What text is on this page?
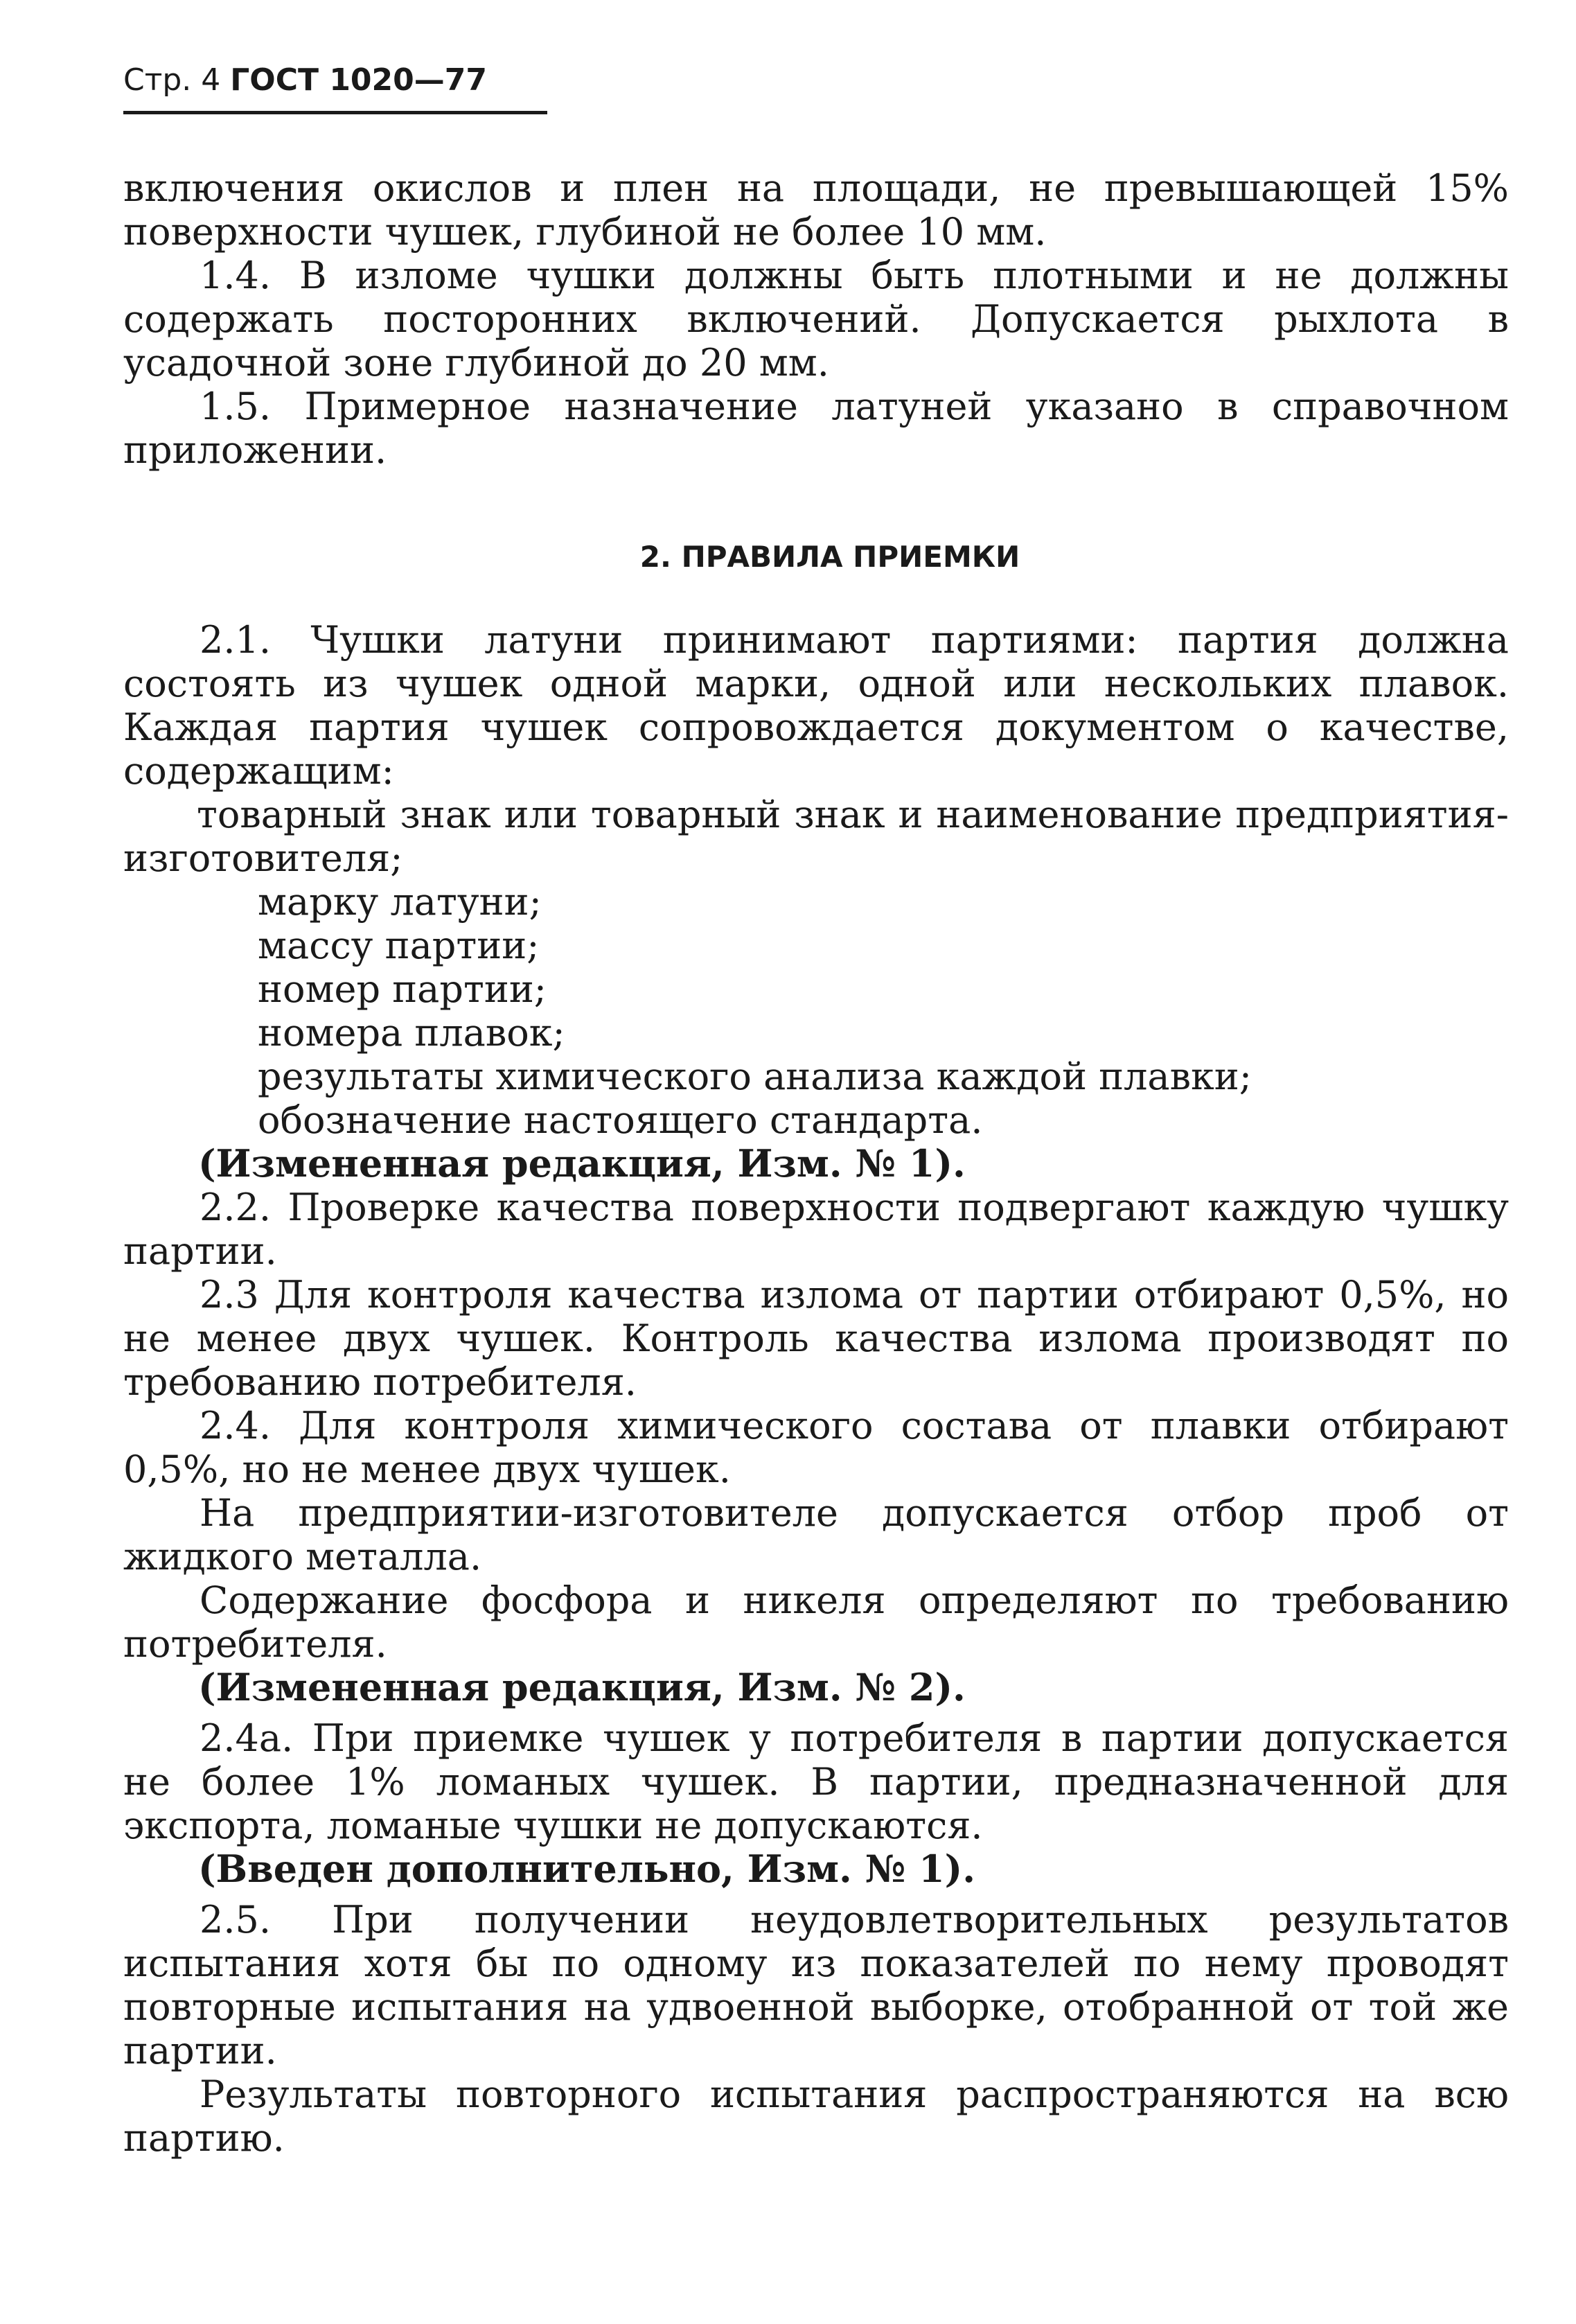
Стр. 4 ГОСТ 1020—77

включения окислов и плен на площади, не превышающей 15% поверхности чушек, глубиной не более 10 мм.

1.4. В изломе чушки должны быть плотными и не должны содержать посторонних включений. Допускается рыхлота в усадочной зоне глубиной до 20 мм.

1.5. Примерное назначение латуней указано в справочном приложении.

2. ПРАВИЛА ПРИЕМКИ

2.1. Чушки латуни принимают партиями: партия должна состоять из чушек одной марки, одной или нескольких плавок. Каждая партия чушек сопровождается документом о качестве, содержащим:

товарный знак или товарный знак и наименование предприятия-изготовителя;

марку латуни;

массу партии;

номер партии;

номера плавок;

результаты химического анализа каждой плавки;

обозначение настоящего стандарта.

(Измененная редакция, Изм. № 1).

2.2. Проверке качества поверхности подвергают каждую чушку партии.

2.3 Для контроля качества излома от партии отбирают 0,5%, но не менее двух чушек. Контроль качества излома производят по требованию потребителя.

2.4. Для контроля химического состава от плавки отбирают 0,5%, но не менее двух чушек.

На предприятии-изготовителе допускается отбор проб от жидкого металла.

Содержание фосфора и никеля определяют по требованию потребителя.

(Измененная редакция, Изм. № 2).

2.4а. При приемке чушек у потребителя в партии допускается не более 1% ломаных чушек. В партии, предназначенной для экспорта, ломаные чушки не допускаются.

(Введен дополнительно, Изм. № 1).

2.5. При получении неудовлетворительных результатов испытания хотя бы по одному из показателей по нему проводят повторные испытания на удвоенной выборке, отобранной от той же партии.

Результаты повторного испытания распространяются на всю партию.
